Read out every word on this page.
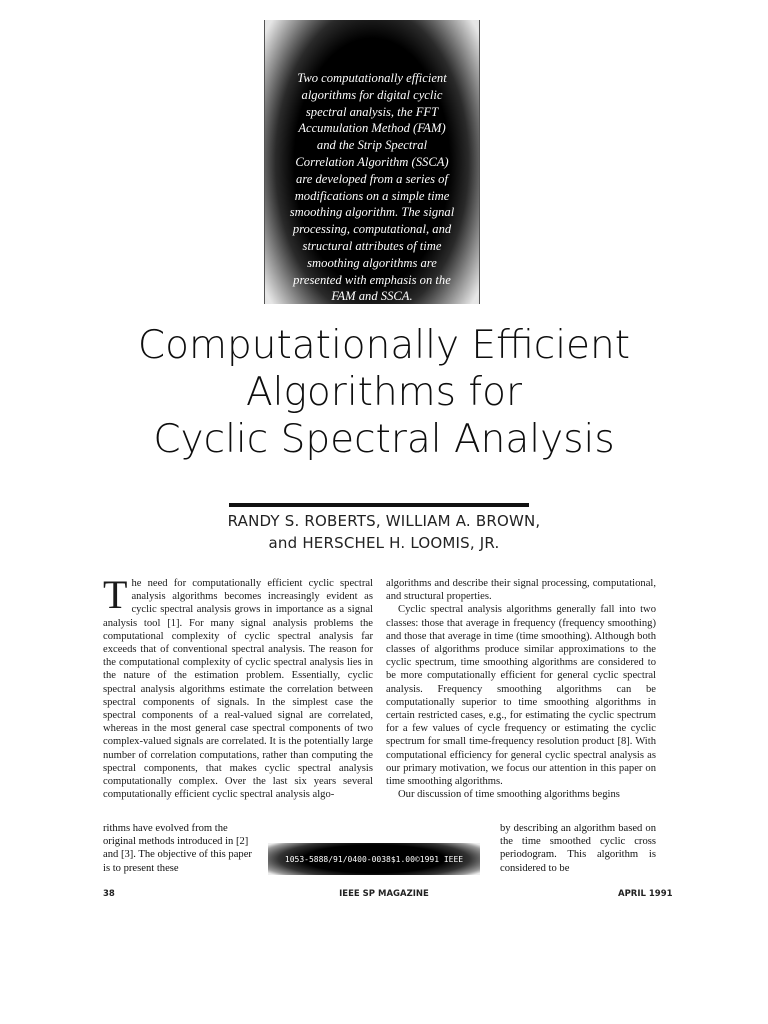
Two computationally efficient
algorithms for digital cyclic
spectral analysis, the FFT
Accumulation Method (FAM)
and the Strip Spectral
Correlation Algorithm (SSCA)
are developed from a series of
modifications on a simple time
smoothing algorithm. The signal
processing, computational, and
structural attributes of time
smoothing algorithms are
presented with emphasis on the
FAM and SSCA.
Computationally Efficient
Algorithms for
Cyclic Spectral Analysis
RANDY S. ROBERTS, WILLIAM A. BROWN,
and HERSCHEL H. LOOMIS, JR.

T he need for computationally efficient cyclic spectral analysis algorithms becomes increasingly evident as cyclic spectral analysis grows in importance as a signal analysis tool [1]. For many signal analysis problems the computational complexity of cyclic spectral analysis far exceeds that of conventional spectral analysis. The reason for the computational complexity of cyclic spectral analysis lies in the nature of the estimation problem. Essentially, cyclic spectral analysis algorithms estimate the correlation between spectral components of signals. In the simplest case the spectral components of a real-valued signal are correlated, whereas in the most general case spectral components of two complex-valued signals are correlated. It is the potentially large number of correlation computations, rather than computing the spectral components, that makes cyclic spectral analysis computationally complex. Over the last six years several computationally efficient cyclic spectral analysis algo-

rithms have evolved from the original methods introduced in [2] and [3]. The objective of this paper is to present these

algorithms and describe their signal processing, computational, and structural properties.

Cyclic spectral analysis algorithms generally fall into two classes: those that average in frequency (frequency smoothing) and those that average in time (time smoothing). Although both classes of algorithms produce similar approximations to the cyclic spectrum, time smoothing algorithms are considered to be more computationally efficient for general cyclic spectral analysis. Frequency smoothing algorithms can be computationally superior to time smoothing algorithms in certain restricted cases, e.g., for estimating the cyclic spectrum for a few values of cycle frequency or estimating the cyclic spectrum for small time-frequency resolution product [8]. With computational efficiency for general cyclic spectral analysis as our primary motivation, we focus our attention in this paper on time smoothing algorithms.

Our discussion of time smoothing algorithms begins

by describing an algorithm based on the time smoothed cyclic cross periodogram. This algorithm is considered to be
1053-5888/91/0400-0038$1.00©1991 IEEE
38	IEEE SP MAGAZINE	APRIL 1991
